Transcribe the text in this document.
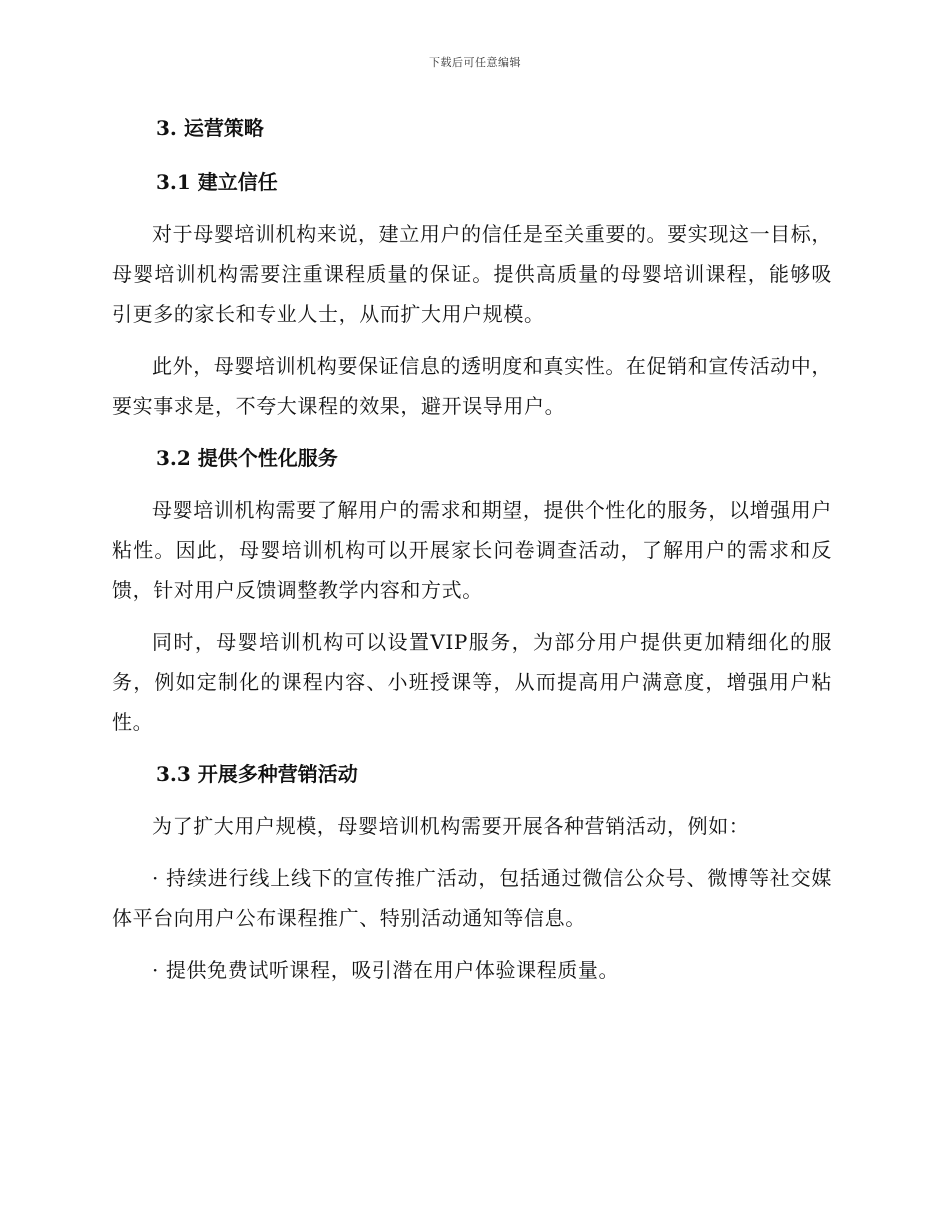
下载后可任意编辑
3. 运营策略
3.1 建立信任

对于母婴培训机构来说，建立用户的信任是至关重要的。要实现这一目标，母婴培训机构需要注重课程质量的保证。提供高质量的母婴培训课程，能够吸引更多的家长和专业人士，从而扩大用户规模。

此外，母婴培训机构要保证信息的透明度和真实性。在促销和宣传活动中，要实事求是，不夸大课程的效果，避开误导用户。

3.2 提供个性化服务

母婴培训机构需要了解用户的需求和期望，提供个性化的服务，以增强用户粘性。因此，母婴培训机构可以开展家长问卷调查活动，了解用户的需求和反馈，针对用户反馈调整教学内容和方式。

同时，母婴培训机构可以设置VIP服务，为部分用户提供更加精细化的服务，例如定制化的课程内容、小班授课等，从而提高用户满意度，增强用户粘性。

3.3 开展多种营销活动

为了扩大用户规模，母婴培训机构需要开展各种营销活动，例如：

· 持续进行线上线下的宣传推广活动，包括通过微信公众号、微博等社交媒体平台向用户公布课程推广、特别活动通知等信息。

· 提供免费试听课程，吸引潜在用户体验课程质量。
